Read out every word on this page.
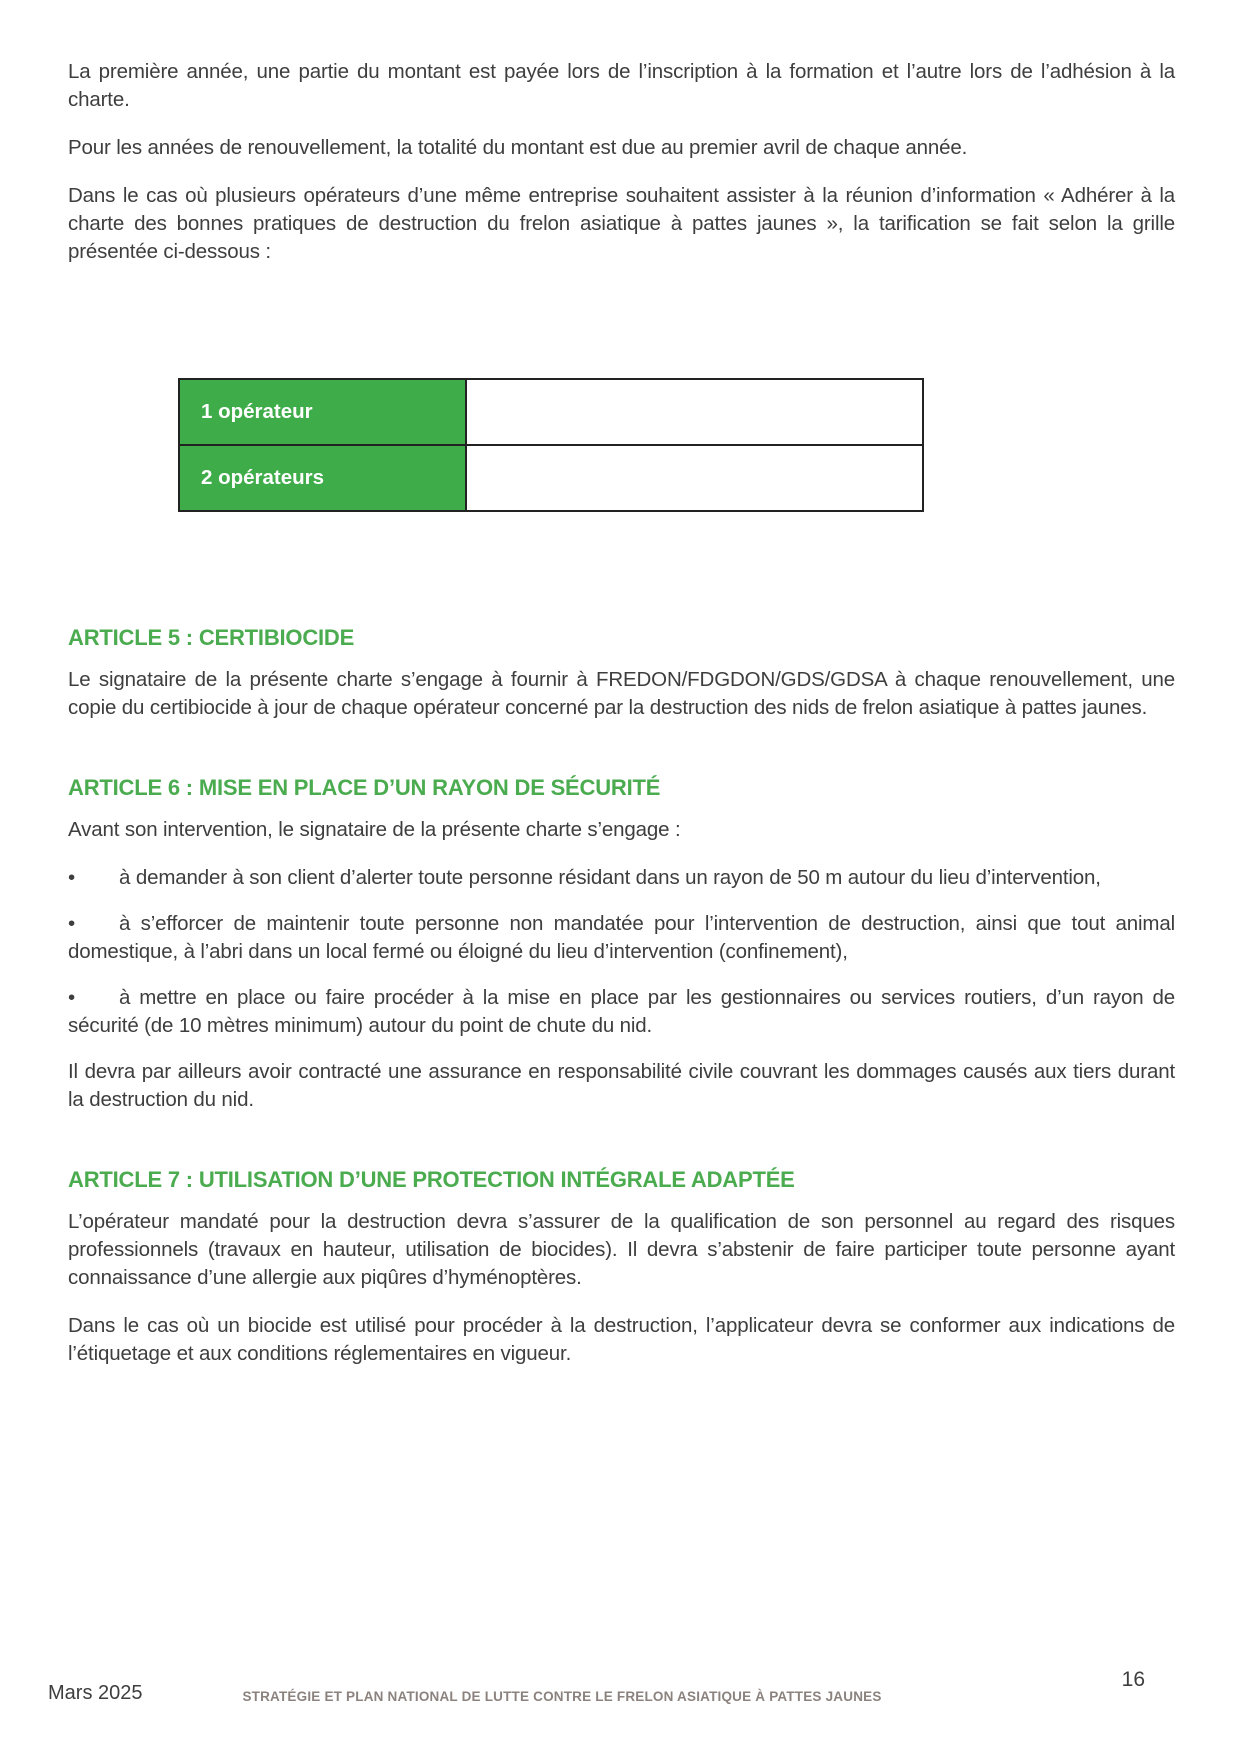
La première année, une partie du montant est payée lors de l’inscription à la formation et l’autre lors de l’adhésion à la charte.

Pour les années de renouvellement, la totalité du montant est due au premier avril de chaque année.

Dans le cas où plusieurs opérateurs d’une même entreprise souhaitent assister à la réunion d’information « Adhérer à la charte des bonnes pratiques de destruction du frelon asiatique à pattes jaunes », la tarification se fait selon la grille présentée ci-dessous :

1 opérateur
2 opérateurs
ARTICLE 5 : CERTIBIOCIDE

Le signataire de la présente charte s’engage à fournir à FREDON/FDGDON/GDS/GDSA à chaque renouvellement, une copie du certibiocide à jour de chaque opérateur concerné par la destruction des nids de frelon asiatique à pattes jaunes.

ARTICLE 6 : MISE EN PLACE D’UN RAYON DE SÉCURITÉ

Avant son intervention, le signataire de la présente charte s’engage :

• à demander à son client d’alerter toute personne résidant dans un rayon de 50 m autour du lieu d’intervention,

• à s’efforcer de maintenir toute personne non mandatée pour l’intervention de destruction, ainsi que tout animal domestique, à l’abri dans un local fermé ou éloigné du lieu d’intervention (confinement),

• à mettre en place ou faire procéder à la mise en place par les gestionnaires ou services routiers, d’un rayon de sécurité (de 10 mètres minimum) autour du point de chute du nid.

Il devra par ailleurs avoir contracté une assurance en responsabilité civile couvrant les dommages causés aux tiers durant la destruction du nid.

ARTICLE 7 : UTILISATION D’UNE PROTECTION INTÉGRALE ADAPTÉE

L’opérateur mandaté pour la destruction devra s’assurer de la qualification de son personnel au regard des risques professionnels (travaux en hauteur, utilisation de biocides). Il devra s’abstenir de faire participer toute personne ayant connaissance d’une allergie aux piqûres d’hyménoptères.

Dans le cas où un biocide est utilisé pour procéder à la destruction, l’applicateur devra se conformer aux indications de l’étiquetage et aux conditions réglementaires en vigueur.

Mars 2025	STRATÉGIE ET PLAN NATIONAL DE LUTTE CONTRE LE FRELON ASIATIQUE À PATTES JAUNES
16
